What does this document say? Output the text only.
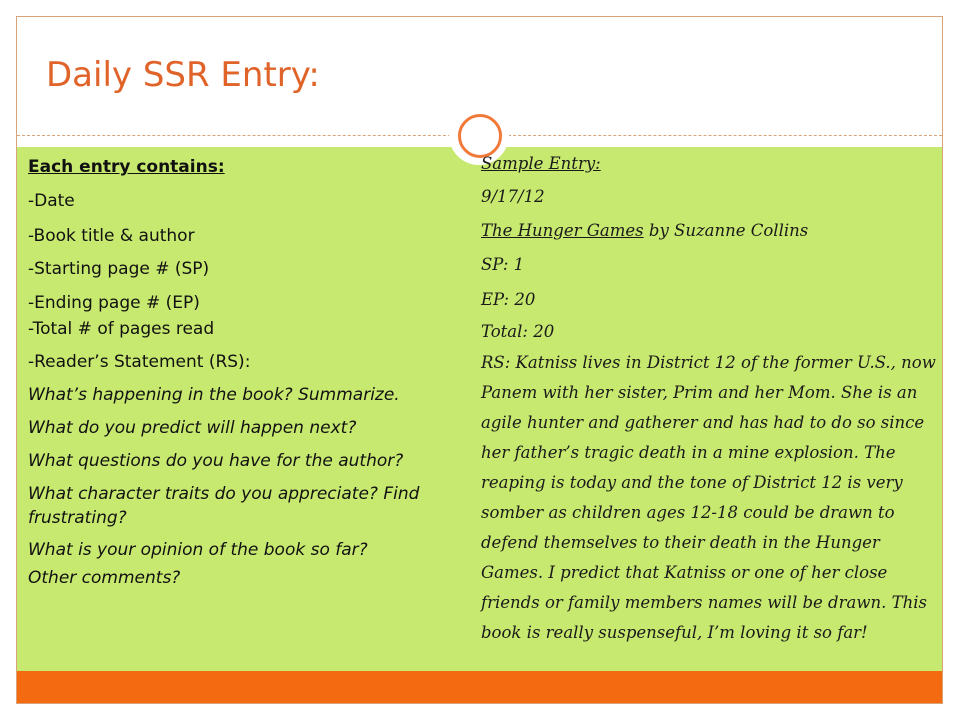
Daily SSR Entry:

Each entry contains:

-Date

-Book title & author

-Starting page # (SP)

-Ending page # (EP)

-Total # of pages read

-Reader’s Statement (RS):

What’s happening in the book? Summarize.

What do you predict will happen next?

What questions do you have for the author?

What character traits do you appreciate? Find frustrating?

What is your opinion of the book so far?

Other comments?

Sample Entry:

9/17/12

The Hunger Games by Suzanne Collins

SP: 1

EP: 20

Total: 20

RS: Katniss lives in District 12 of the former U.S., now Panem with her sister, Prim and her Mom. She is an agile hunter and gatherer and has had to do so since her father’s tragic death in a mine explosion. The reaping is today and the tone of District 12 is very somber as children ages 12-18 could be drawn to defend themselves to their death in the Hunger Games. I predict that Katniss or one of her close friends or family members names will be drawn. This book is really suspenseful, I’m loving it so far!
